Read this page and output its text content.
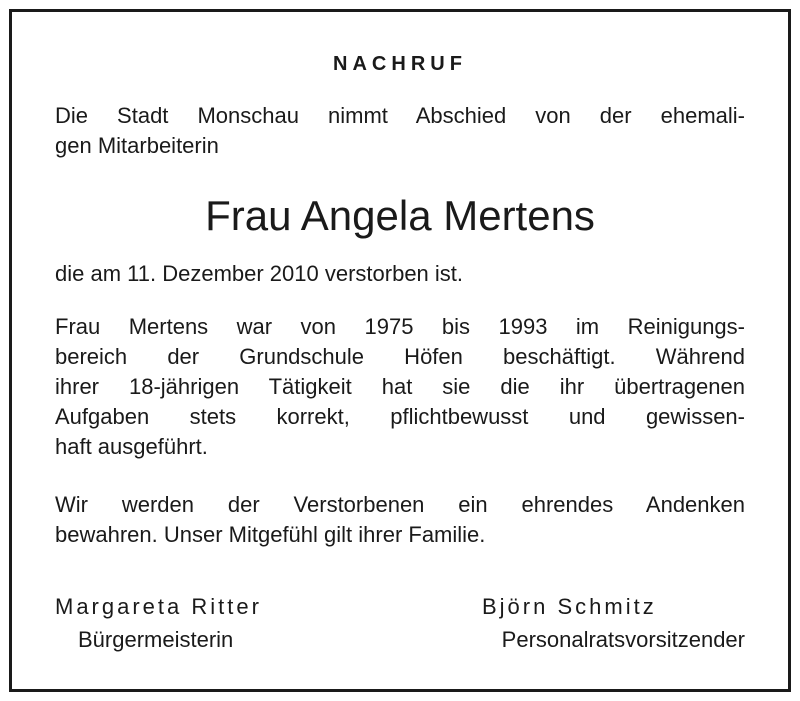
NACHRUF
Die Stadt Monschau nimmt Abschied von der ehemali-
gen Mitarbeiterin
Frau Angela Mertens
die am 11. Dezember 2010 verstorben ist.
Frau Mertens war von 1975 bis 1993 im Reinigungs-
bereich der Grundschule Höfen beschäftigt. Während
ihrer 18-jährigen Tätigkeit hat sie die ihr übertragenen
Aufgaben stets korrekt, pflichtbewusst und gewissen-
haft ausgeführt.
Wir werden der Verstorbenen ein ehrendes Andenken
bewahren. Unser Mitgefühl gilt ihrer Familie.
Margareta Ritter
Bürgermeisterin
Björn Schmitz
Personalratsvorsitzender
